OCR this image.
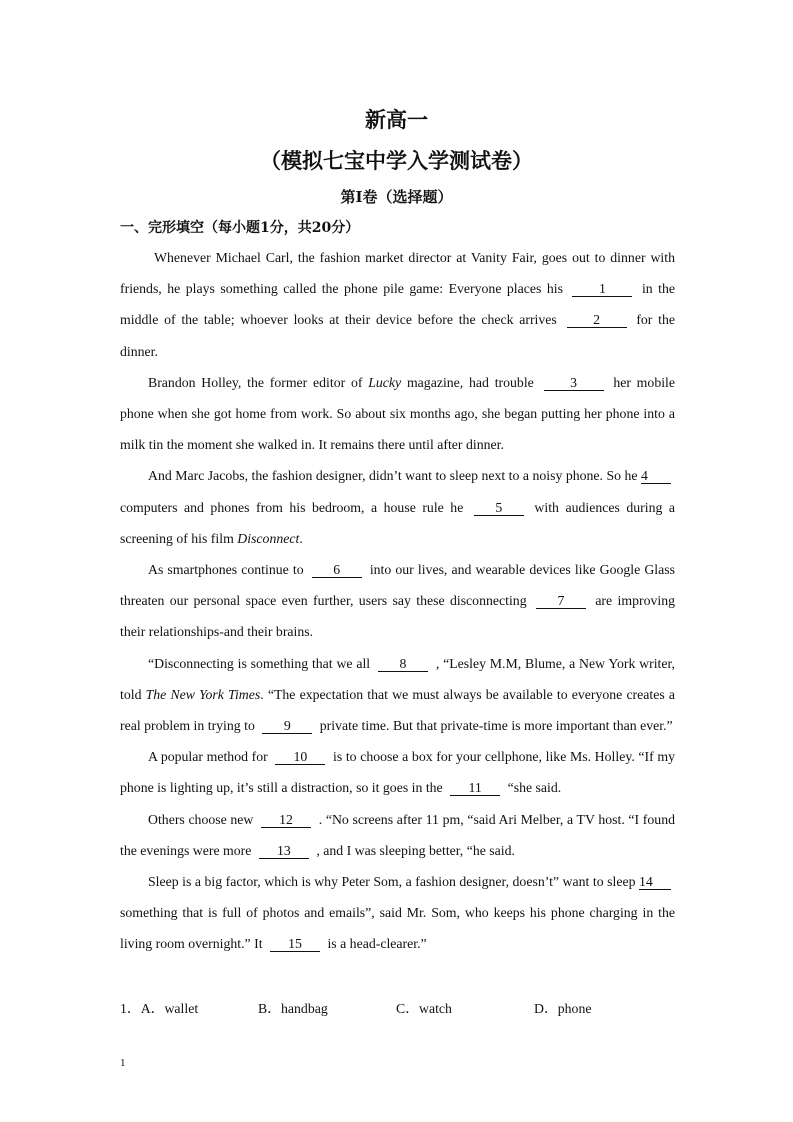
新高一
（模拟七宝中学入学测试卷）
第I卷（选择题）
一、完形填空（每小题1分，共20分）

Whenever Michael Carl, the fashion market director at Vanity Fair, goes out to dinner with friends, he plays something called the phone pile game: Everyone places his	1	in the middle of the table; whoever looks at their device before the check arrives	2	for the dinner.

Brandon Holley, the former editor of Lucky magazine, had trouble	3	her mobile phone when she got home from work. So about six months ago, she began putting her phone into a milk tin the moment she walked in. It remains there until after dinner.

And Marc Jacobs, the fashion designer, didn’t want to sleep next to a noisy phone. So he 4 computers and phones from his bedroom, a house rule he 5 with audiences during a screening of his film Disconnect.

As smartphones continue to 6 into our lives, and wearable devices like Google Glass threaten our personal space even further, users say these disconnecting 7 are improving their relationships-and their brains.

“Disconnecting is something that we all 8 , “Lesley M.M, Blume, a New York writer, told The New York Times. “The expectation that we must always be available to everyone creates a real problem in trying to 9 private time. But that private-time is more important than ever.”

A popular method for 10 is to choose a box for your cellphone, like Ms. Holley. “If my phone is lighting up, it’s still a distraction, so it goes in the 11 “she said.

Others choose new 12 . “No screens after 11 pm, “said Ari Melber, a TV host. “I found the evenings were more 13 , and I was sleeping better, “he said.

Sleep is a big factor, which is why Peter Som, a fashion designer, doesn’t” want to sleep 14 something that is full of photos and emails”, said Mr. Som, who keeps his phone charging in the living room overnight.” It 15 is a head-clearer.”

1．A．wallet	B．handbag	C．watch	D．phone
1
